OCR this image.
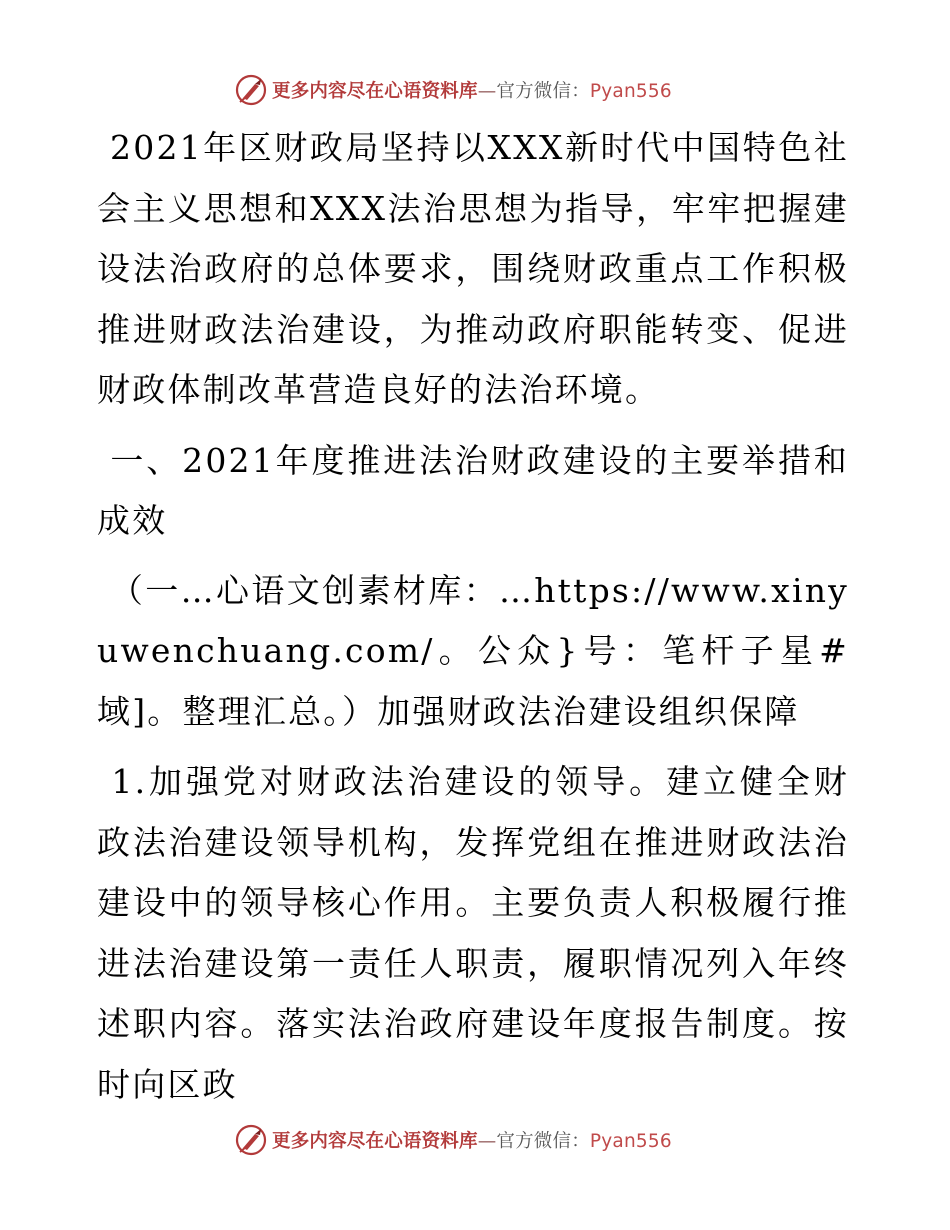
更多内容尽在心语资料库—官方微信：Pyan556

2021年区财政局坚持以XXX新时代中国特色社会主义思想和XXX法治思想为指导，牢牢把握建设法治政府的总体要求，围绕财政重点工作积极推进财政法治建设，为推动政府职能转变、促进财政体制改革营造良好的法治环境。

一、2021年度推进法治财政建设的主要举措和成效

（一…心语文创素材库：…https://www.xinyuwenchuang.com/。公众}号：笔杆子星#域]。整理汇总。）加强财政法治建设组织保障

1.加强党对财政法治建设的领导。建立健全财政法治建设领导机构，发挥党组在推进财政法治建设中的领导核心作用。主要负责人积极履行推进法治建设第一责任人职责，履职情况列入年终述职内容。落实法治政府建设年度报告制度。按时向区政

更多内容尽在心语资料库—官方微信：Pyan556
